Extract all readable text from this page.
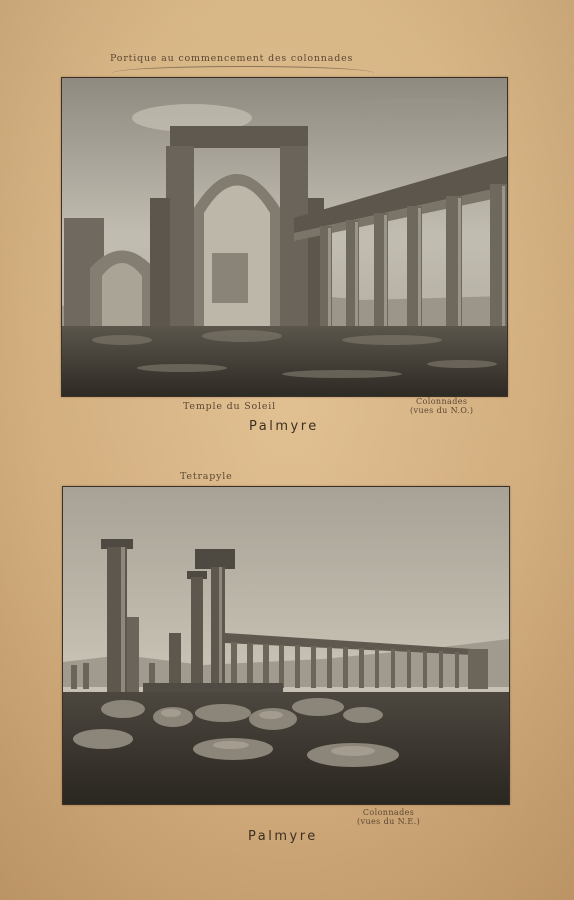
Portique au commencement des colonnades
Temple du Soleil	Colonnades
(vues du N.O.)
Palmyre
Tetrapyle
Colonnades
(vues du N.E.)
Palmyre
